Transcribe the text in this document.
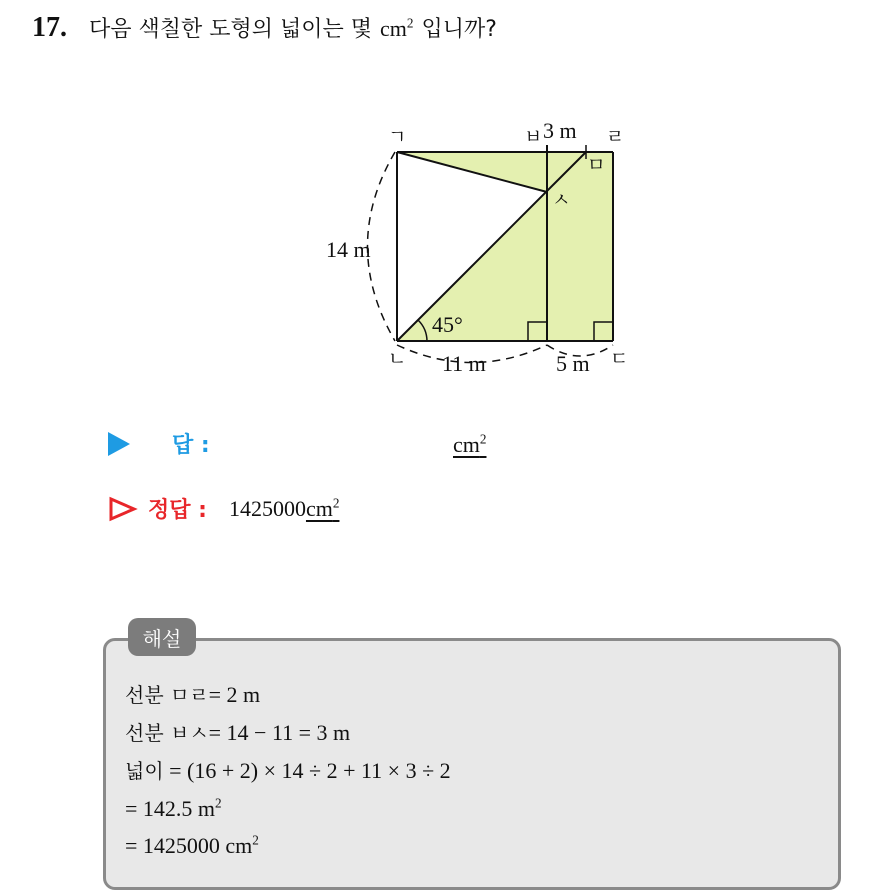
17. 다음 색칠한 도형의 넓이는 몇 $cm^2$ 입니까?
ㄱ	ㅂ 3 m ㄹ
ㅁ
ㅅ
14 m
45°
ㄴ 11 m	5 m ㄷ
답 :	$cm^2$
정답 : 1425000 $cm^2$
해설
선분 ㅁㄹ= 2 m
선분 ㅂㅅ= 14 − 11 = 3 m
넓이 = (16 + 2) × 14 ÷ 2 + 11 × 3 ÷ 2
= 142.5 $m^2$
= 1425000 $cm^2$
